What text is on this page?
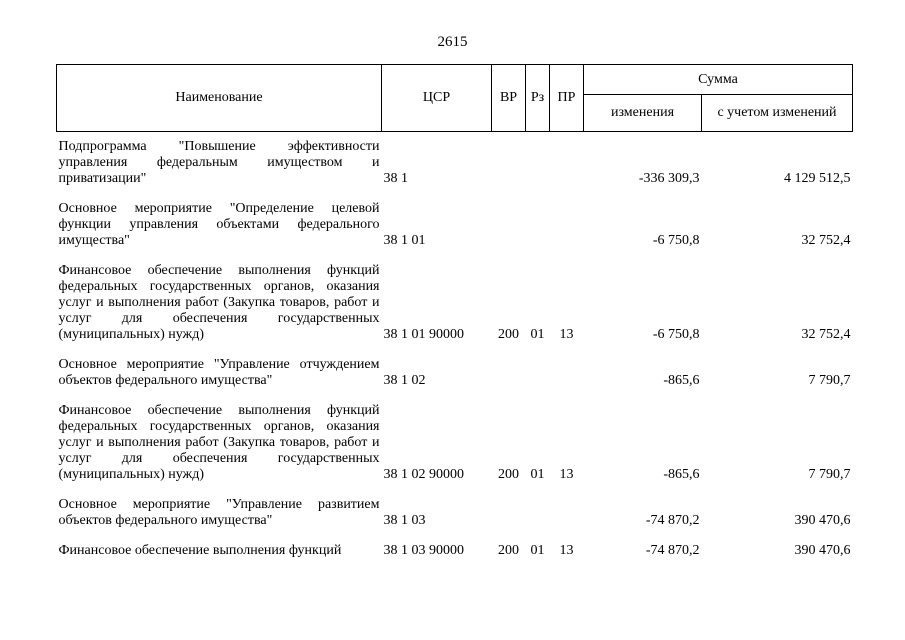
2615
Наименование	ЦСР	ВР	Рз	ПР	Сумма	
					изменения	с учетом изменений
Подпрограмма "Повышение эффективности управления федеральным имуществом и приватизации"	38 1				-336 309,3	4 129 512,5
Основное мероприятие "Определение целевой функции управления объектами федерального имущества"	38 1 01				-6 750,8	32 752,4
Финансовое обеспечение выполнения функций федеральных государственных органов, оказания услуг и выполнения работ (Закупка товаров, работ и услуг для обеспечения государственных (муниципальных) нужд)	38 1 01 90000	200	01	13	-6 750,8	32 752,4
Основное мероприятие "Управление отчуждением объектов федерального имущества"	38 1 02				-865,6	7 790,7
Финансовое обеспечение выполнения функций федеральных государственных органов, оказания услуг и выполнения работ (Закупка товаров, работ и услуг для обеспечения государственных (муниципальных) нужд)	38 1 02 90000	200	01	13	-865,6	7 790,7
Основное мероприятие "Управление развитием объектов федерального имущества"	38 1 03				-74 870,2	390 470,6
Финансовое обеспечение выполнения функций	38 1 03 90000	200	01	13	-74 870,2	390 470,6
